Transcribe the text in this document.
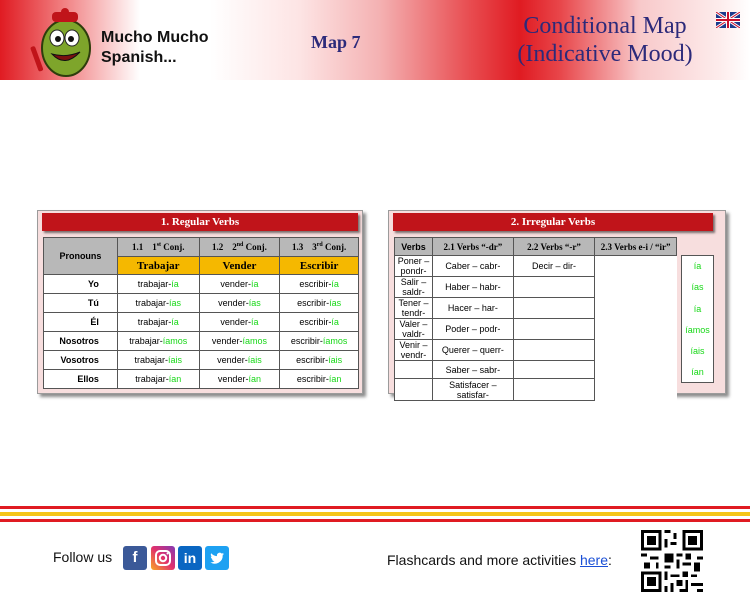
Mucho Mucho
Spanish...
Map 7
Conditional Map
(Indicative Mood)
1. Regular Verbs
Pronouns	1.1 1st Conj.	1.2 2nd Conj.	1.3 3rd Conj.
	Trabajar	Vender	Escribir
Yo	trabajar-ía	vender-ía	escribir-ía
Tú	trabajar-ías	vender-ías	escribir-ías
Él	trabajar-ía	vender-ía	escribir-ía
Nosotros	trabajar-íamos	vender-íamos	escribir-íamos
Vosotros	trabajar-íais	vender-íais	escribir-íais
Ellos	trabajar-ían	vender-ían	escribir-ían
2. Irregular Verbs
Verbs	2.1 Verbs “-dr”	2.2 Verbs “-r”	2.3 Verbs e-i / “ir”
Poner – pondr-	Caber – cabr-	Decir – dir-	
Salir – saldr-	Haber – habr-		
Tener – tendr-	Hacer – har-		
Valer – valdr-	Poder – podr-		
Venir – vendr-	Querer – querr-		
	Saber – sabr-		
	Satisfacer – satisfar-		
ía
ías
ía
íamos
íais
ían
Follow us	f	in	Flashcards and more activities here:
